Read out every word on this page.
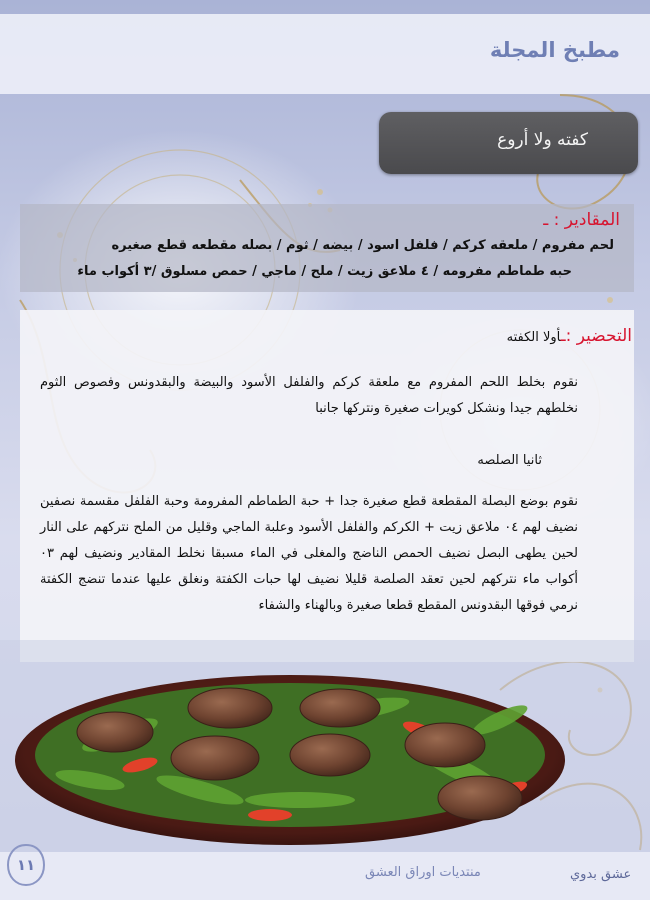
مطبخ المجلة
كفته ولا أروع
المقادير : ـ
لحم مفروم / ملعقه كركم / فلفل اسود / بيضه / ثوم / بصله مقطعه قطع صغيره
حبه طماطم مفرومه / ٤ ملاعق زيت / ملح / ماجي / حمص مسلوق /٣ أكواب ماء
التحضير :ـأولا الكفته

نقوم بخلط اللحم المفروم مع ملعقة كركم والفلفل الأسود والبيضة والبقدونس وفصوص الثوم نخلطهم جيدا ونشكل كويرات صغيرة ونتركها جانبا

ثانيا الصلصه

نقوم بوضع البصلة المقطعة قطع صغيرة جدا + حبة الطماطم المفرومة وحبة الفلفل مقسمة نصفين نضيف لهم ٠٤ ملاعق زيت + الكركم والفلفل الأسود وعلبة الماجي وقليل من الملح نتركهم على النار لحين يطهى البصل نضيف الحمص الناضج والمغلى في الماء مسبقا نخلط المقادير ونضيف لهم ٠٣ أكواب ماء نتركهم لحين تعقد الصلصة قليلا نضيف لها حبات الكفتة ونغلق عليها عندما تنضج الكفتة نرمي فوقها البقدونس المقطع قطعا صغيرة وبالهناء والشفاء

١١	منتديات اوراق العشق	عشق بدوي
